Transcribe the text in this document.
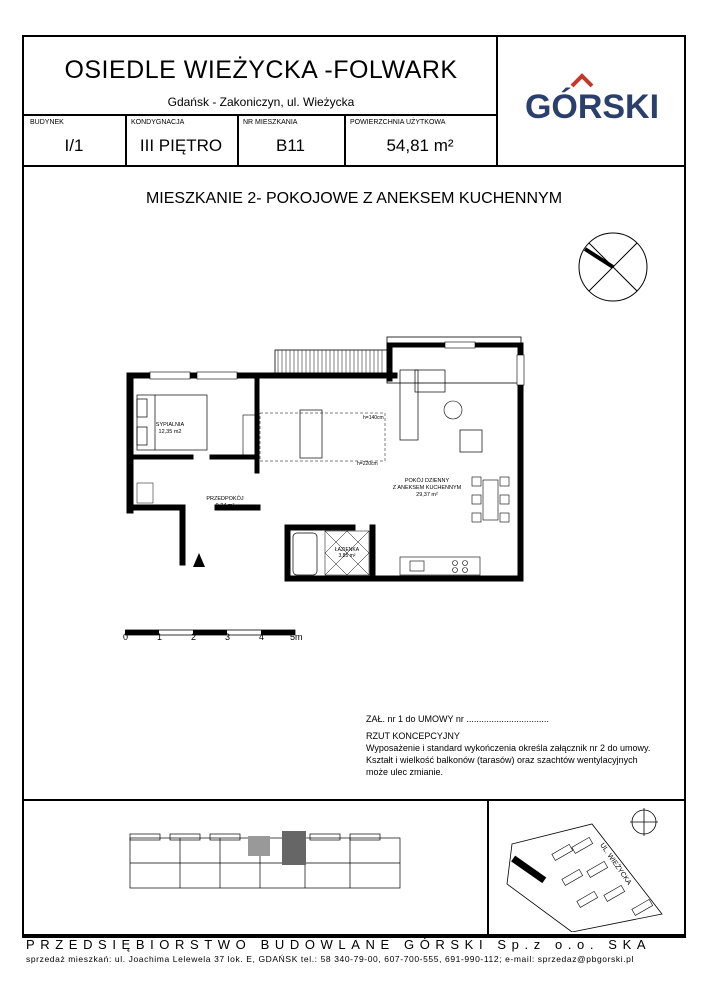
OSIEDLE WIEŻYCKA -FOLWARK
Gdańsk - Zakoniczyn, ul. Wieżycka	GÓRSKI
BUDYNEK
I/1
KONDYGNACJA
III PIĘTRO
NR MIESZKANIA
B11
POWIERZCHNIA UŻYTKOWA
54,81 m²
MIESZKANIE 2- POKOJOWE Z ANEKSEM KUCHENNYM
SYPIALNIA
12,35 m2
PRZEDPOKÓJ
9,24 m²
h=140cm
h=220cm
POKÓJ DZIENNY
Z ANEKSEM KUCHENNYM
29,37 m²
ŁAZIENKA
3,85 m²
0	1	2	3	4	5m
ZAŁ. nr 1 do UMOWY nr .................................
RZUT KONCEPCYJNY
Wyposażenie i standard wykończenia określa załącznik nr 2 do umowy.
Kształt i wielkość balkonów (tarasów) oraz szachtów wentylacyjnych
może ulec zmianie.
UL. WIEŻYCKA
PRZEDSIĘBIORSTWO BUDOWLANE GÓRSKI Sp.z o.o. SKA
sprzedaż mieszkań: ul. Joachima Lelewela 37 lok. E, GDAŃSK tel.: 58 340-79-00, 607-700-555, 691-990-112; e-mail: sprzedaz@pbgorski.pl
